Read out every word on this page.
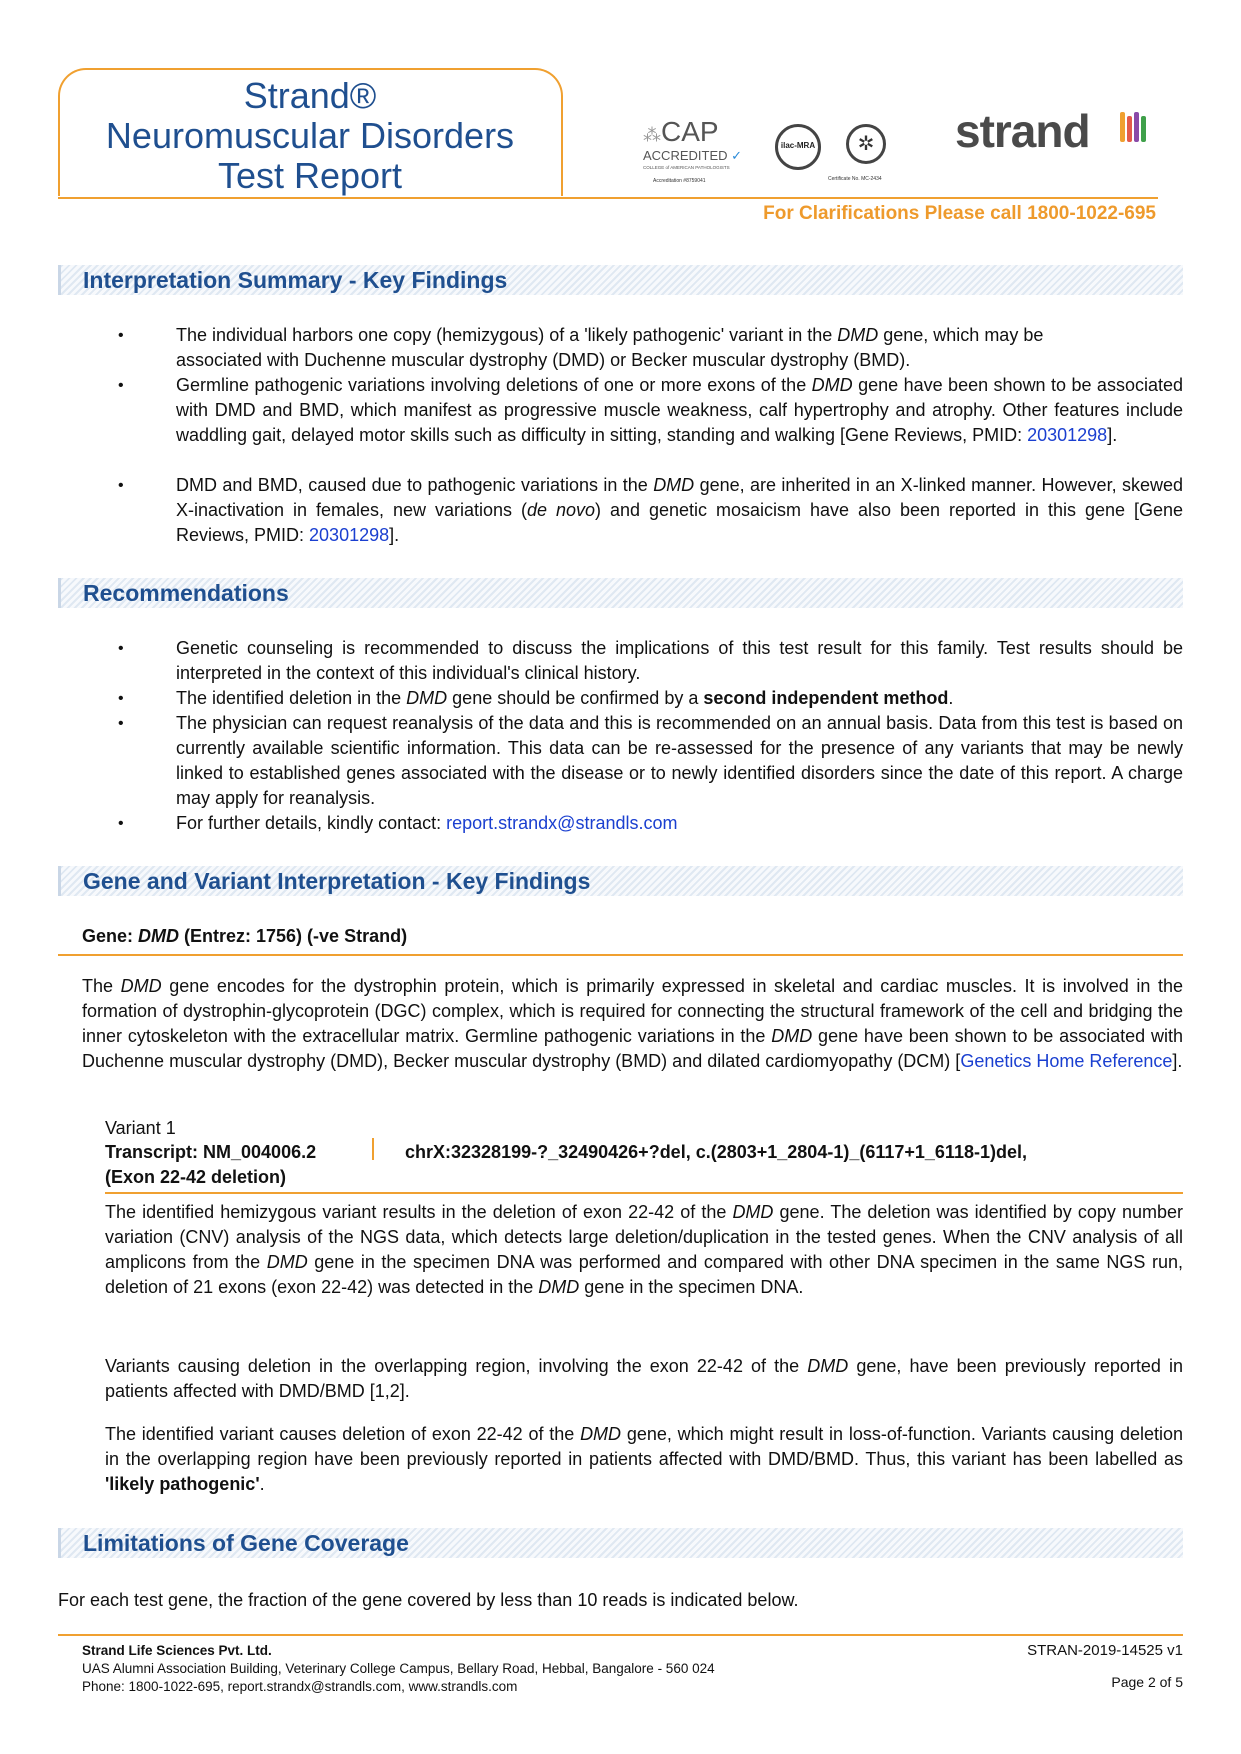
Strand®
Neuromuscular Disorders
Test Report
⁂CAP
ACCREDITED ✓
COLLEGE of AMERICAN PATHOLOGISTS
Accreditation #8759041
ilac-MRA	✲
Certificate No. MC-2434
strand
For Clarifications Please call 1800-1022-695
Interpretation Summary - Key Findings
•	The individual harbors one copy (hemizygous) of a 'likely pathogenic' variant in the DMD gene, which may be
associated with Duchenne muscular dystrophy (DMD) or Becker muscular dystrophy (BMD).
•	Germline pathogenic variations involving deletions of one or more exons of the DMD gene have been shown to be associated with DMD and BMD, which manifest as progressive muscle weakness, calf hypertrophy and atrophy. Other features include waddling gait, delayed motor skills such as difficulty in sitting, standing and walking [Gene Reviews, PMID: 20301298].
•	DMD and BMD, caused due to pathogenic variations in the DMD gene, are inherited in an X-linked manner. However, skewed X-inactivation in females, new variations (de novo) and genetic mosaicism have also been reported in this gene [Gene Reviews, PMID: 20301298].
Recommendations
•	Genetic counseling is recommended to discuss the implications of this test result for this family. Test results should be interpreted in the context of this individual's clinical history.
•	The identified deletion in the DMD gene should be confirmed by a second independent method.
•	The physician can request reanalysis of the data and this is recommended on an annual basis. Data from this test is based on currently available scientific information. This data can be re-assessed for the presence of any variants that may be newly linked to established genes associated with the disease or to newly identified disorders since the date of this report. A charge may apply for reanalysis.
•	For further details, kindly contact: report.strandx@strandls.com
Gene and Variant Interpretation - Key Findings
Gene: DMD (Entrez: 1756) (-ve Strand)
The DMD gene encodes for the dystrophin protein, which is primarily expressed in skeletal and cardiac muscles. It is involved in the formation of dystrophin-glycoprotein (DGC) complex, which is required for connecting the structural framework of the cell and bridging the inner cytoskeleton with the extracellular matrix. Germline pathogenic variations in the DMD gene have been shown to be associated with Duchenne muscular dystrophy (DMD), Becker muscular dystrophy (BMD) and dilated cardiomyopathy (DCM) [Genetics Home Reference].
Variant 1
Transcript: NM_004006.2	chrX:32328199-?_32490426+?del, c.(2803+1_2804-1)_(6117+1_6118-1)del,
(Exon 22-42 deletion)
The identified hemizygous variant results in the deletion of exon 22-42 of the DMD gene. The deletion was identified by copy number variation (CNV) analysis of the NGS data, which detects large deletion/duplication in the tested genes. When the CNV analysis of all amplicons from the DMD gene in the specimen DNA was performed and compared with other DNA specimen in the same NGS run, deletion of 21 exons (exon 22-42) was detected in the DMD gene in the specimen DNA.
Variants causing deletion in the overlapping region, involving the exon 22-42 of the DMD gene, have been previously reported in patients affected with DMD/BMD [1,2].
The identified variant causes deletion of exon 22-42 of the DMD gene, which might result in loss-of-function. Variants causing deletion in the overlapping region have been previously reported in patients affected with DMD/BMD. Thus, this variant has been labelled as 'likely pathogenic'.
Limitations of Gene Coverage
For each test gene, the fraction of the gene covered by less than 10 reads is indicated below.
Strand Life Sciences Pvt. Ltd.
UAS Alumni Association Building, Veterinary College Campus, Bellary Road, Hebbal, Bangalore - 560 024
Phone: 1800-1022-695, report.strandx@strandls.com, www.strandls.com
STRAN-2019-14525 v1
Page 2 of 5
